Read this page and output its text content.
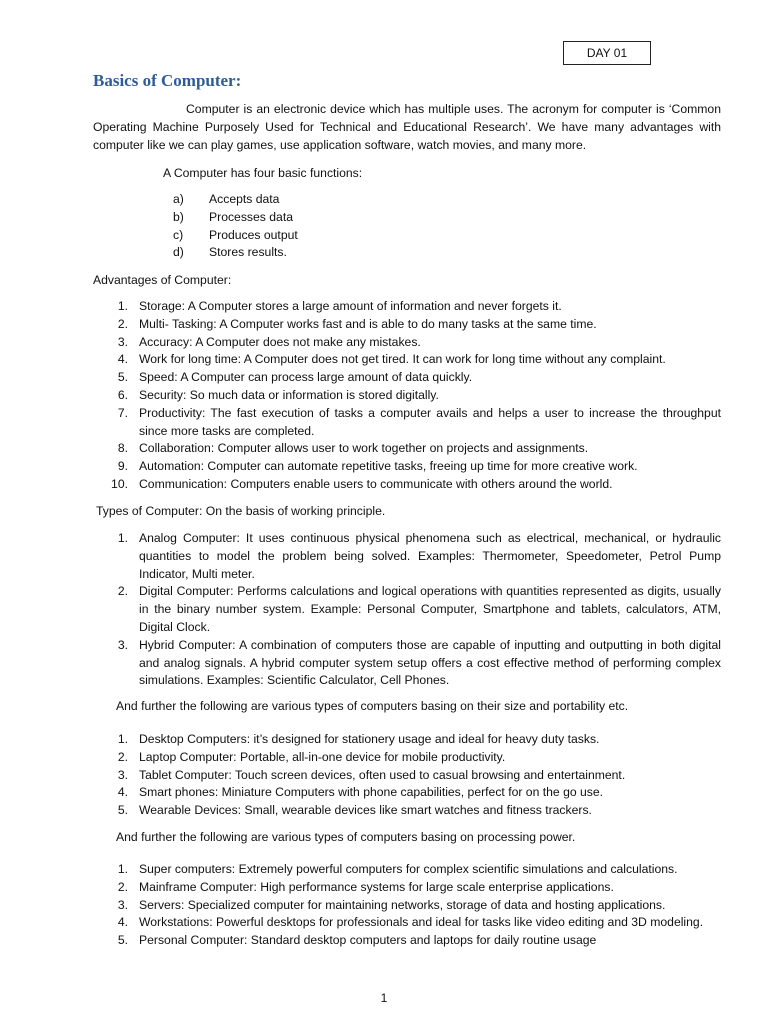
DAY 01
Basics of Computer:

Computer is an electronic device which has multiple uses. The acronym for computer is ‘Common Operating Machine Purposely Used for Technical and Educational Research’. We have many advantages with computer like we can play games, use application software, watch movies, and many more.

A Computer has four basic functions:

a) Accepts data
b) Processes data
c) Produces output
d) Stores results.

Advantages of Computer:

1. Storage: A Computer stores a large amount of information and never forgets it.
2. Multi- Tasking: A Computer works fast and is able to do many tasks at the same time.
3. Accuracy: A Computer does not make any mistakes.
4. Work for long time: A Computer does not get tired. It can work for long time without any complaint.
5. Speed: A Computer can process large amount of data quickly.
6. Security: So much data or information is stored digitally.
7. Productivity: The fast execution of tasks a computer avails and helps a user to increase the throughput since more tasks are completed.
8. Collaboration: Computer allows user to work together on projects and assignments.
9. Automation: Computer can automate repetitive tasks, freeing up time for more creative work.
10. Communication: Computers enable users to communicate with others around the world.

Types of Computer: On the basis of working principle.

1. Analog Computer: It uses continuous physical phenomena such as electrical, mechanical, or hydraulic quantities to model the problem being solved. Examples: Thermometer, Speedometer, Petrol Pump Indicator, Multi meter.
2. Digital Computer: Performs calculations and logical operations with quantities represented as digits, usually in the binary number system. Example: Personal Computer, Smartphone and tablets, calculators, ATM, Digital Clock.
3. Hybrid Computer: A combination of computers those are capable of inputting and outputting in both digital and analog signals. A hybrid computer system setup offers a cost effective method of performing complex simulations. Examples: Scientific Calculator, Cell Phones.

And further the following are various types of computers basing on their size and portability etc.

1. Desktop Computers: it’s designed for stationery usage and ideal for heavy duty tasks.
2. Laptop Computer: Portable, all-in-one device for mobile productivity.
3. Tablet Computer: Touch screen devices, often used to casual browsing and entertainment.
4. Smart phones: Miniature Computers with phone capabilities, perfect for on the go use.
5. Wearable Devices: Small, wearable devices like smart watches and fitness trackers.

And further the following are various types of computers basing on processing power.

1. Super computers: Extremely powerful computers for complex scientific simulations and calculations.
2. Mainframe Computer: High performance systems for large scale enterprise applications.
3. Servers: Specialized computer for maintaining networks, storage of data and hosting applications.
4. Workstations: Powerful desktops for professionals and ideal for tasks like video editing and 3D modeling.
5. Personal Computer: Standard desktop computers and laptops for daily routine usage
1
